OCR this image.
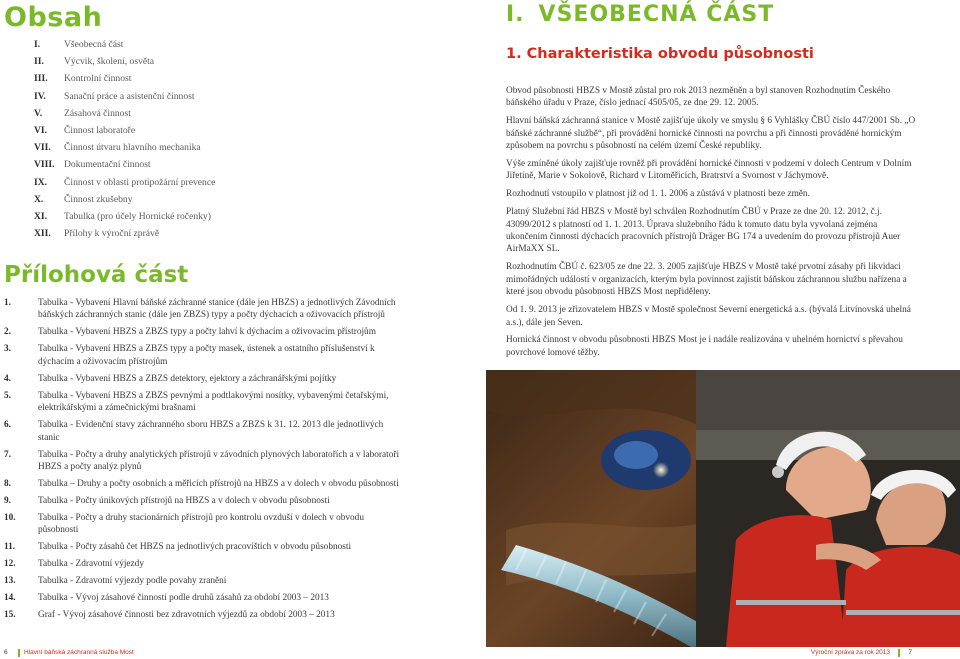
Obsah
I.	Všeobecná část
II.	Výcvik, školení, osvěta
III.	Kontrolní činnost
IV.	Sanační práce a asistenční činnost
V.	Zásahová činnost
VI.	Činnost laboratoře
VII.	Činnost útvaru hlavního mechanika
VIII. Dokumentační činnost
IX.	Činnost v oblasti protipožární prevence
X.	Činnost zkušebny
XI.	Tabulka (pro účely Hornické ročenky)
XII.	Přílohy k výroční zprávě
Přílohová část
1.	Tabulka - Vybavení Hlavní báňské záchranné stanice (dále jen HBZS) a jednotlivých Závodních báňských záchranných stanic (dále jen ZBZS) typy a počty dýchacích a oživovacích přístrojů
2.	Tabulka - Vybavení HBZS a ZBZS typy a počty lahví k dýchacím a oživovacím přístrojům
3.	Tabulka - Vybavení HBZS a ZBZS typy a počty masek, ústenek a ostatního příslušenství k dýchacím a oživovacím přístrojům
4.	Tabulka - Vybavení HBZS a ZBZS detektory, ejektory a záchranářskými pojítky
5.	Tabulka - Vybavení HBZS a ZBZS pevnými a podtlakovými nosítky, vybavenými četařskými, elektrikářskými a zámečnickými brašnami
6.	Tabulka - Evidenční stavy záchranného sboru HBZS a ZBZS k 31. 12. 2013 dle jednotlivých stanic
7.	Tabulka - Počty a druhy analytických přístrojů v závodních plynových laboratořích a v laboratoři HBZS a počty analýz plynů
8.	Tabulka – Druhy a počty osobních a měřicích přístrojů na HBZS a v dolech v obvodu působnosti
9.	Tabulka - Počty únikových přístrojů na HBZS a v dolech v obvodu působnosti
10.	Tabulka - Počty a druhy stacionárních přístrojů pro kontrolu ovzduší v dolech v obvodu působnosti
11.	Tabulka - Počty zásahů čet HBZS na jednotlivých pracovištích v obvodu působnosti
12.	Tabulka - Zdravotní výjezdy
13.	Tabulka - Zdravotní výjezdy podle povahy zranění
14.	Tabulka - Vývoj zásahové činnosti podle druhů zásahů za období 2003 – 2013
15.	Graf - Vývoj zásahové činnosti bez zdravotních výjezdů za období 2003 – 2013
I. VŠEOBECNÁ ČÁST
1. Charakteristika obvodu působnosti

Obvod působnosti HBZS v Mostě zůstal pro rok 2013 nezměněn a byl stanoven Rozhodnutím Českého báňského úřadu v Praze, číslo jednací 4505/05, ze dne 29. 12. 2005.

Hlavní báňská záchranná stanice v Mostě zajišťuje úkoly ve smyslu § 6 Vyhlášky ČBÚ číslo 447/2001 Sb. „O báňské záchranné službě“, při provádění hornické činnosti na povrchu a při činnosti prováděné hornickým způsobem na povrchu s působností na celém území České republiky.

Výše zmíněné úkoly zajišťuje rovněž při provádění hornické činnosti v podzemí v dolech Centrum v Dolním Jiřetíně, Marie v Sokolově, Richard v Litoměřicích, Bratrství a Svornost v Jáchymově.

Rozhodnutí vstoupilo v platnost již od 1. 1. 2006 a zůstává v platnosti beze změn.

Platný Služební řád HBZS v Mostě byl schválen Rozhodnutím ČBÚ v Praze ze dne 20. 12. 2012, č.j. 43099/2012 s platností od 1. 1. 2013. Úprava služebního řádu k tomuto datu byla vyvolaná zejména ukončením činnosti dýchacích pracovních přístrojů Dräger BG 174 a uvedením do provozu přístrojů Auer AirMaXX SL.

Rozhodnutím ČBÚ č. 623/05 ze dne 22. 3. 2005 zajišťuje HBZS v Mostě také prvotní zásahy při likvidaci mimořádných událostí v organizacích, kterým byla povinnost zajistit báňskou záchrannou službu nařízena a které jsou obvodu působnosti HBZS Most nepřiděleny.

Od 1. 9. 2013 je zřizovatelem HBZS v Mostě společnost Severní energetická a.s. (bývalá Litvínovská uhelná a.s.), dále jen Seven.

Hornická činnost v obvodu působnosti HBZS Most je i nadále realizována v uhelném hornictví s převahou povrchové lomové těžby.

6	Hlavní báňská záchranná služba Most	Výroční zpráva za rok 2013	7
